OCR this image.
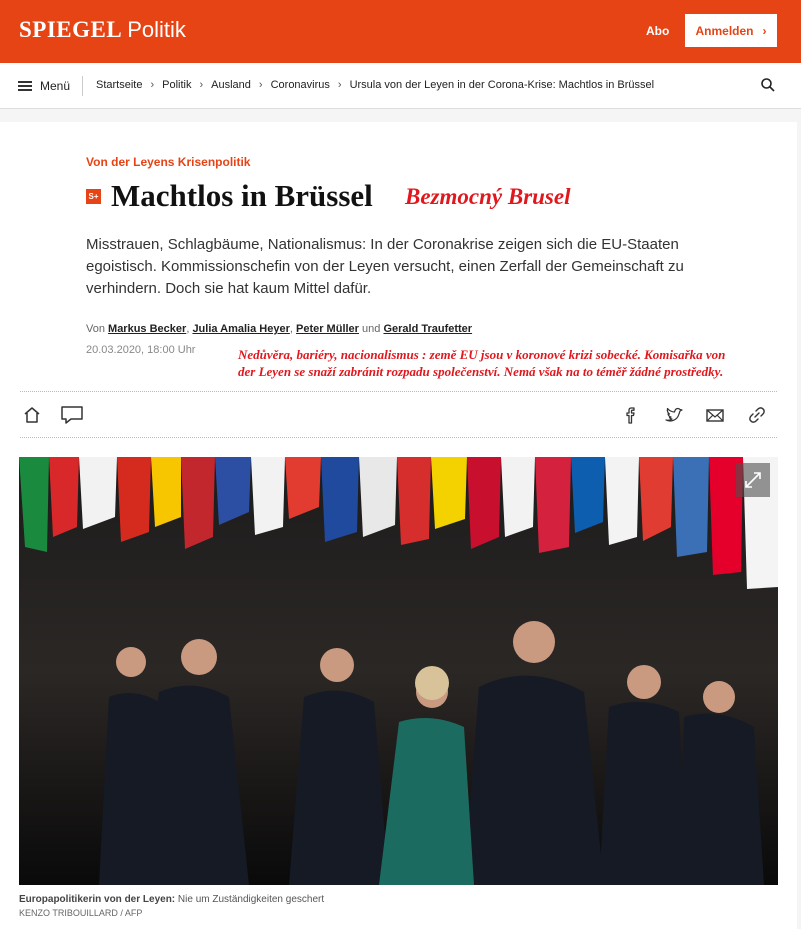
SPIEGEL Politik	Abo Anmelden ›
Menü Startseite › Politik › Ausland › Coronavirus › Ursula von der Leyen in der Corona-Krise: Machtlos in Brüssel
Von der Leyens Krisenpolitik
S+ Machtlos in Brüssel Bezmocný Brusel

Misstrauen, Schlagbäume, Nationalismus: In der Coronakrise zeigen sich die EU-Staaten egoistisch. Kommissionschefin von der Leyen versucht, einen Zerfall der Gemeinschaft zu verhindern. Doch sie hat kaum Mittel dafür.

Von Markus Becker, Julia Amalia Heyer, Peter Müller und Gerald Traufetter
20.03.2020, 18:00 Uhr	Nedůvěra, bariéry, nacionalismus : země EU jsou v koronové krizi sobecké. Komisařka von der Leyen se snaží zabránit rozpadu společenství. Nemá však na to téměř žádné prostředky.
Europapolitikerin von der Leyen: Nie um Zuständigkeiten geschert
KENZO TRIBOUILLARD / AFP
